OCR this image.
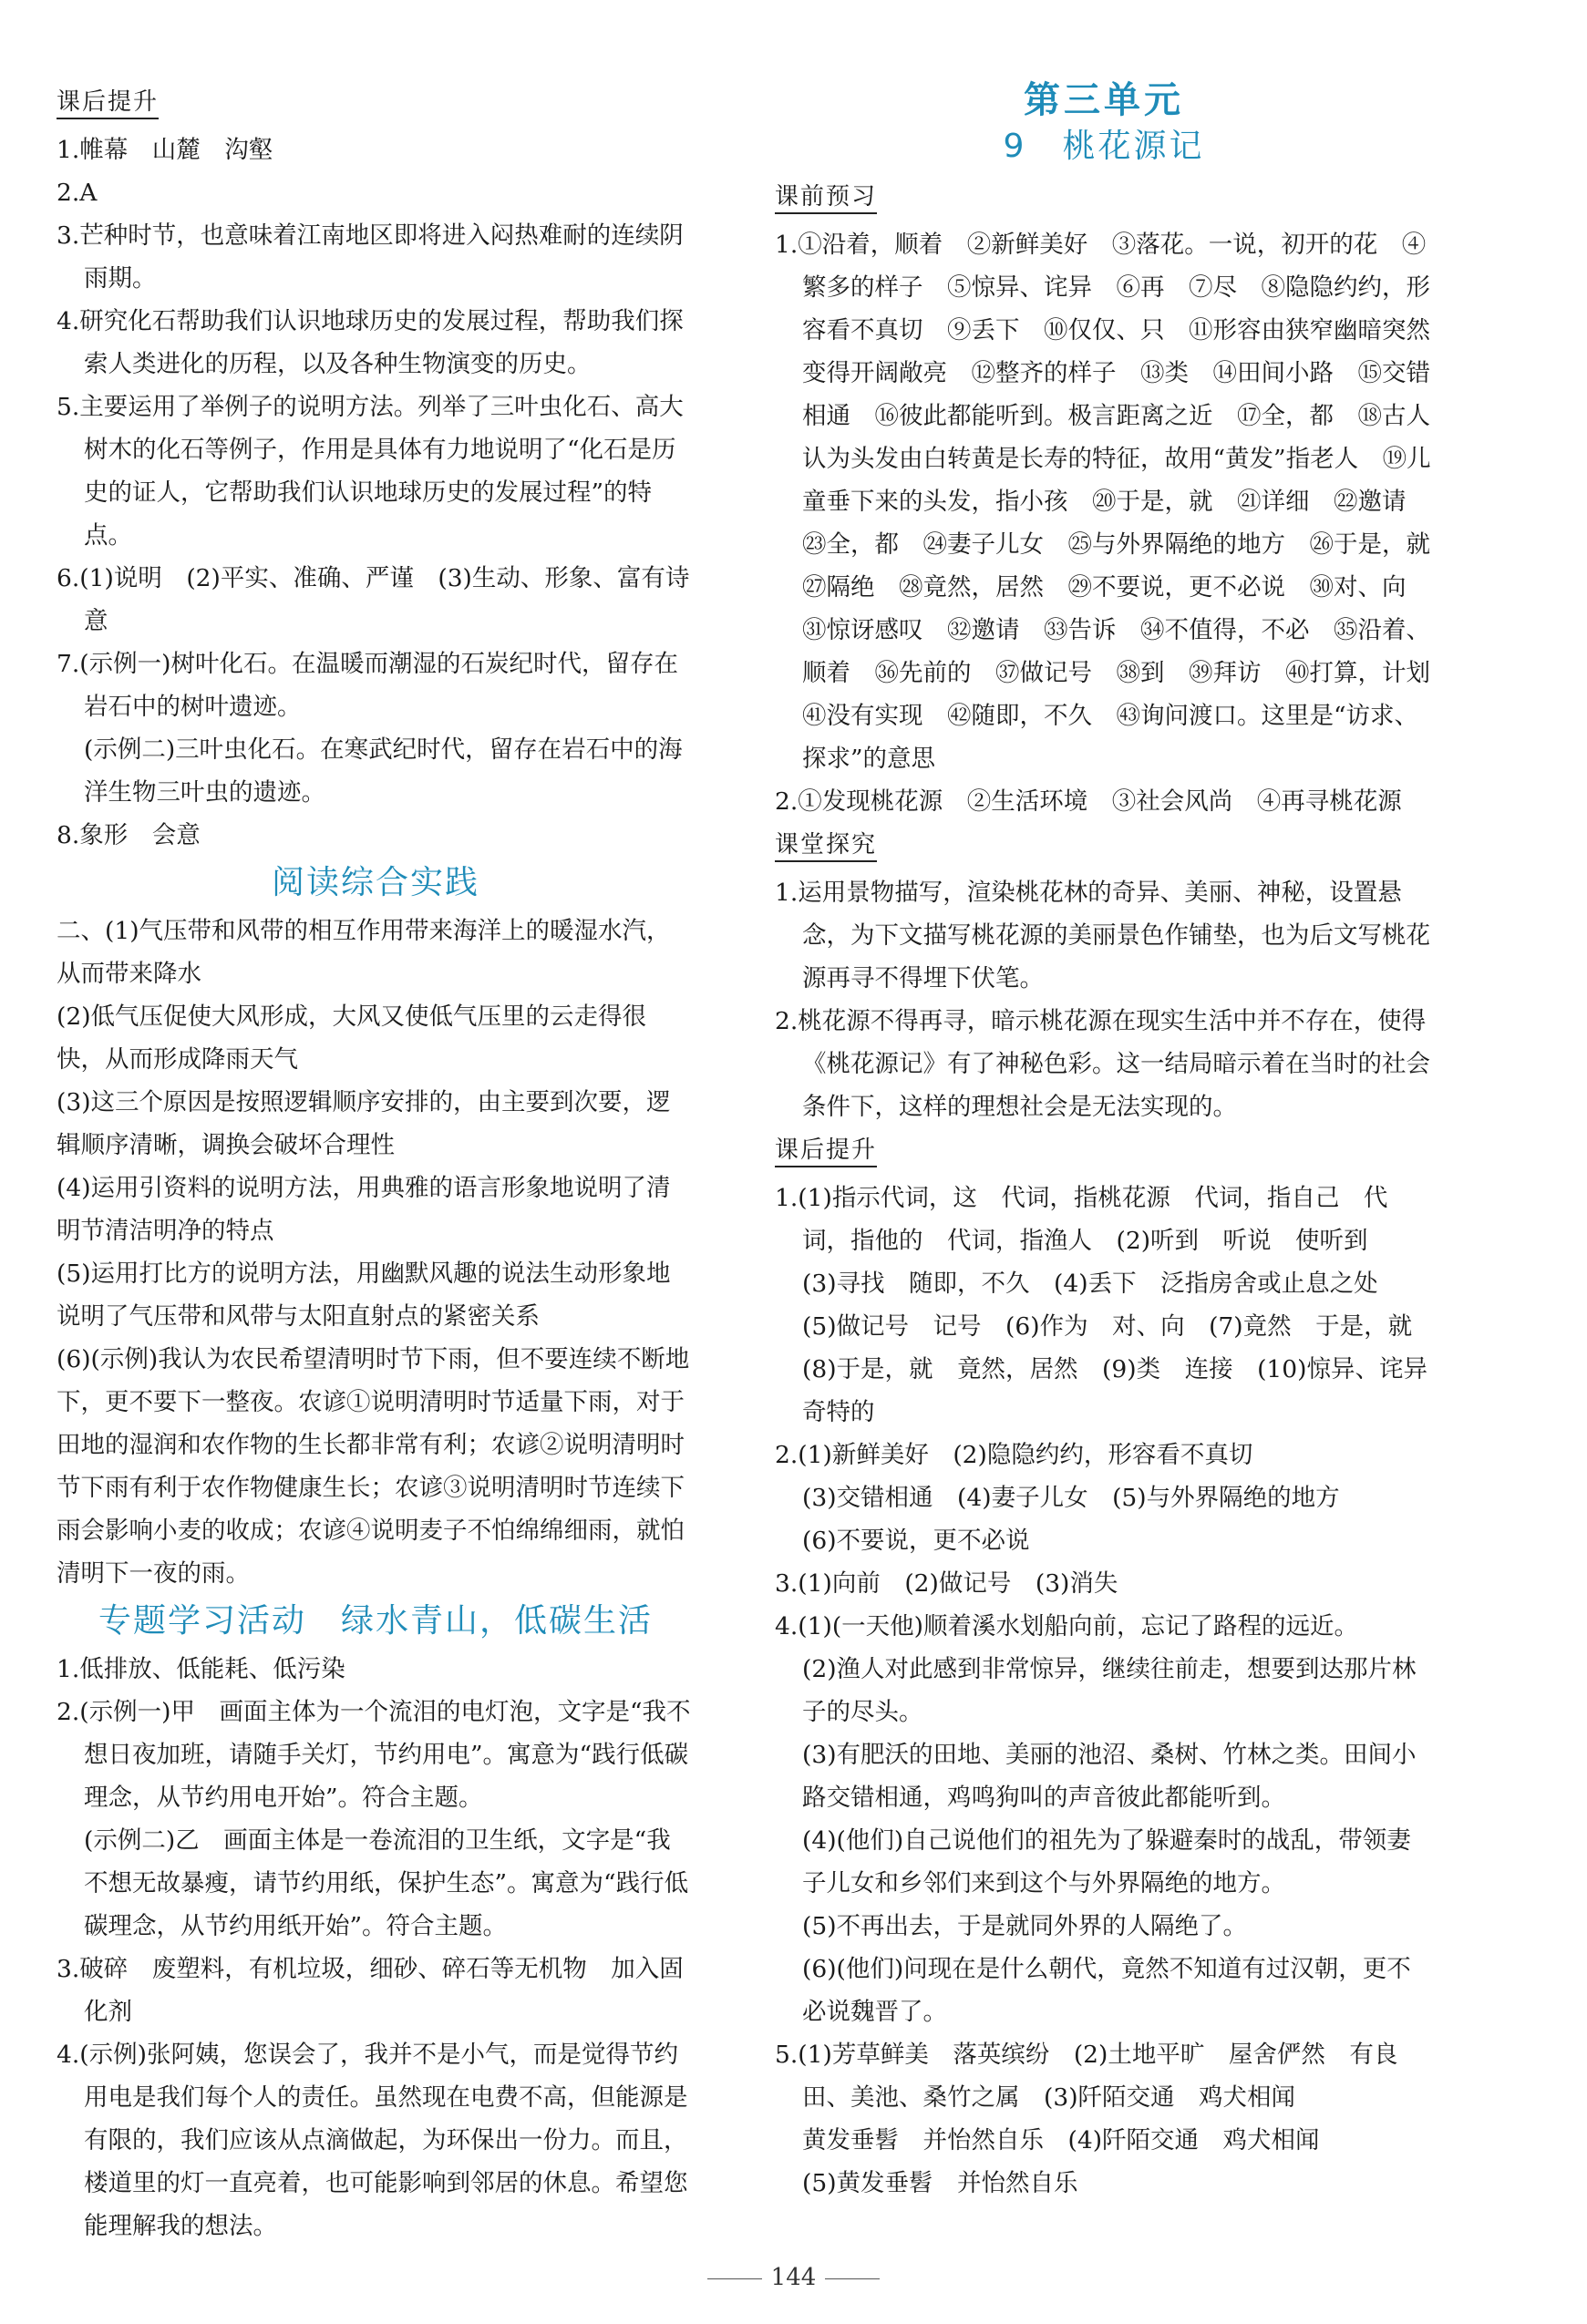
课后提升
1.帷幕　山麓　沟壑
2.A
3.芒种时节，也意味着江南地区即将进入闷热难耐的连续阴雨期。
4.研究化石帮助我们认识地球历史的发展过程，帮助我们探索人类进化的历程，以及各种生物演变的历史。
5.主要运用了举例子的说明方法。列举了三叶虫化石、高大树木的化石等例子，作用是具体有力地说明了“化石是历史的证人，它帮助我们认识地球历史的发展过程”的特点。
6.(1)说明　(2)平实、准确、严谨　(3)生动、形象、富有诗意
7.(示例一)树叶化石。在温暖而潮湿的石炭纪时代，留存在岩石中的树叶遗迹。
(示例二)三叶虫化石。在寒武纪时代，留存在岩石中的海洋生物三叶虫的遗迹。
8.象形　会意
阅读综合实践
二、(1)气压带和风带的相互作用带来海洋上的暖湿水汽，从而带来降水
(2)低气压促使大风形成，大风又使低气压里的云走得很快，从而形成降雨天气
(3)这三个原因是按照逻辑顺序安排的，由主要到次要，逻辑顺序清晰，调换会破坏合理性
(4)运用引资料的说明方法，用典雅的语言形象地说明了清明节清洁明净的特点
(5)运用打比方的说明方法，用幽默风趣的说法生动形象地说明了气压带和风带与太阳直射点的紧密关系
(6)(示例)我认为农民希望清明时节下雨，但不要连续不断地下，更不要下一整夜。农谚①说明清明时节适量下雨，对于田地的湿润和农作物的生长都非常有利；农谚②说明清明时节下雨有利于农作物健康生长；农谚③说明清明时节连续下雨会影响小麦的收成；农谚④说明麦子不怕绵绵细雨，就怕清明下一夜的雨。
专题学习活动　绿水青山，低碳生活
1.低排放、低能耗、低污染
2.(示例一)甲　画面主体为一个流泪的电灯泡，文字是“我不想日夜加班，请随手关灯，节约用电”。寓意为“践行低碳理念，从节约用电开始”。符合主题。
(示例二)乙　画面主体是一卷流泪的卫生纸，文字是“我不想无故暴瘦，请节约用纸，保护生态”。寓意为“践行低碳理念，从节约用纸开始”。符合主题。
3.破碎　废塑料，有机垃圾，细砂、碎石等无机物　加入固化剂
4.(示例)张阿姨，您误会了，我并不是小气，而是觉得节约用电是我们每个人的责任。虽然现在电费不高，但能源是有限的，我们应该从点滴做起，为环保出一份力。而且，楼道里的灯一直亮着，也可能影响到邻居的休息。希望您能理解我的想法。
第三单元
9　桃花源记
课前预习
1.①沿着，顺着　②新鲜美好　③落花。一说，初开的花　④繁多的样子　⑤惊异、诧异　⑥再　⑦尽　⑧隐隐约约，形容看不真切　⑨丢下　⑩仅仅、只　⑪形容由狭窄幽暗突然变得开阔敞亮　⑫整齐的样子　⑬类　⑭田间小路　⑮交错相通　⑯彼此都能听到。极言距离之近　⑰全，都　⑱古人认为头发由白转黄是长寿的特征，故用“黄发”指老人　⑲儿童垂下来的头发，指小孩　⑳于是，就　㉑详细　㉒邀请　㉓全，都　㉔妻子儿女　㉕与外界隔绝的地方　㉖于是，就　㉗隔绝　㉘竟然，居然　㉙不要说，更不必说　㉚对、向　㉛惊讶感叹　㉜邀请　㉝告诉　㉞不值得，不必　㉟沿着、顺着　㊱先前的　㊲做记号　㊳到　㊴拜访　㊵打算，计划　㊶没有实现　㊷随即，不久　㊸询问渡口。这里是“访求、探求”的意思
2.①发现桃花源　②生活环境　③社会风尚　④再寻桃花源
课堂探究
1.运用景物描写，渲染桃花林的奇异、美丽、神秘，设置悬念，为下文描写桃花源的美丽景色作铺垫，也为后文写桃花源再寻不得埋下伏笔。
2.桃花源不得再寻，暗示桃花源在现实生活中并不存在，使得《桃花源记》有了神秘色彩。这一结局暗示着在当时的社会条件下，这样的理想社会是无法实现的。
课后提升
1.(1)指示代词，这　代词，指桃花源　代词，指自己　代词，指他的　代词，指渔人　(2)听到　听说　使听到
(3)寻找　随即，不久　(4)丢下　泛指房舍或止息之处　(5)做记号　记号　(6)作为　对、向　(7)竟然　于是，就　(8)于是，就　竟然，居然　(9)类　连接　(10)惊异、诧异　奇特的
2.(1)新鲜美好　(2)隐隐约约，形容看不真切
(3)交错相通　(4)妻子儿女　(5)与外界隔绝的地方
(6)不要说，更不必说
3.(1)向前　(2)做记号　(3)消失
4.(1)(一天他)顺着溪水划船向前，忘记了路程的远近。
(2)渔人对此感到非常惊异，继续往前走，想要到达那片林子的尽头。
(3)有肥沃的田地、美丽的池沼、桑树、竹林之类。田间小路交错相通，鸡鸣狗叫的声音彼此都能听到。
(4)(他们)自己说他们的祖先为了躲避秦时的战乱，带领妻子儿女和乡邻们来到这个与外界隔绝的地方。
(5)不再出去，于是就同外界的人隔绝了。
(6)(他们)问现在是什么朝代，竟然不知道有过汉朝，更不必说魏晋了。
5.(1)芳草鲜美　落英缤纷　(2)土地平旷　屋舍俨然　有良田、美池、桑竹之属　(3)阡陌交通　鸡犬相闻
黄发垂髫　并怡然自乐　(4)阡陌交通　鸡犬相闻
(5)黄发垂髫　并怡然自乐
144
